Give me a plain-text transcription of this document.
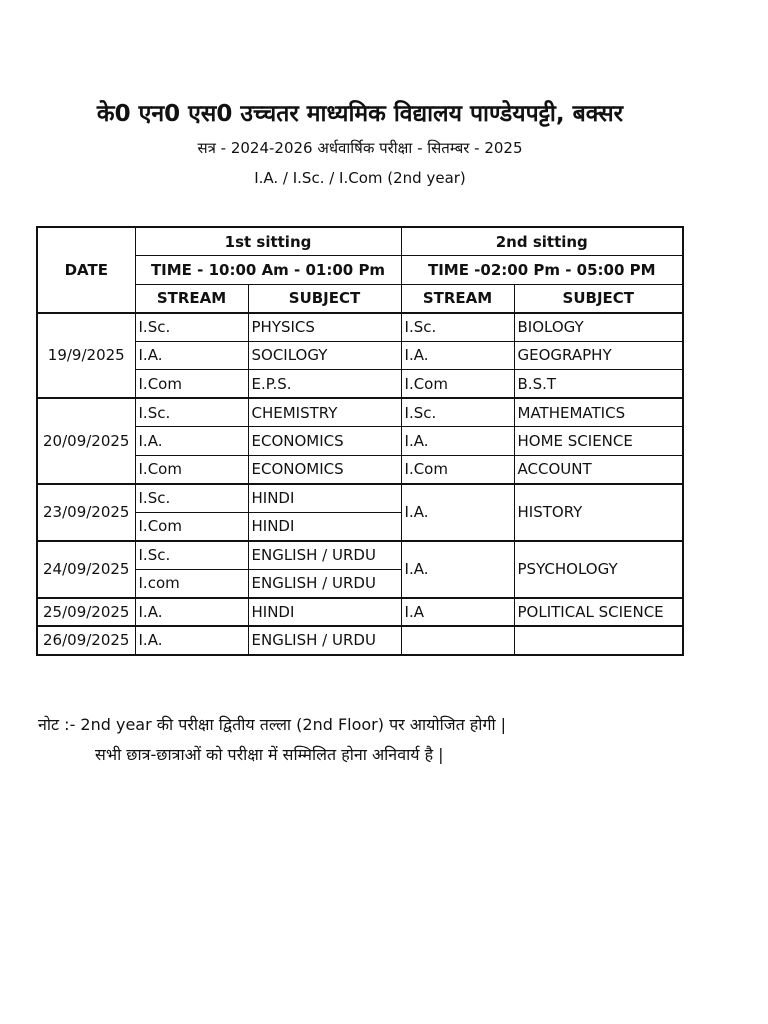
के0 एन0 एस0 उच्चतर माध्यमिक विद्यालय पाण्डेयपट्टी, बक्सर
सत्र - 2024-2026 अर्धवार्षिक परीक्षा - सितम्बर - 2025
I.A. / I.Sc. / I.Com (2nd year)
DATE	1st sitting		2nd sitting	
	TIME - 10:00 Am - 01:00 Pm		TIME -02:00 Pm - 05:00 PM	
	STREAM	SUBJECT	STREAM	SUBJECT
19/9/2025	I.Sc.	PHYSICS	I.Sc.	BIOLOGY
	I.A.	SOCILOGY	I.A.	GEOGRAPHY
	I.Com	E.P.S.	I.Com	B.S.T
20/09/2025	I.Sc.	CHEMISTRY	I.Sc.	MATHEMATICS
	I.A.	ECONOMICS	I.A.	HOME SCIENCE
	I.Com	ECONOMICS	I.Com	ACCOUNT
23/09/2025	I.Sc.	HINDI	I.A.	HISTORY
	I.Com	HINDI		
24/09/2025	I.Sc.	ENGLISH / URDU	I.A.	PSYCHOLOGY
	I.com	ENGLISH / URDU		
25/09/2025	I.A.	HINDI	I.A	POLITICAL SCIENCE
26/09/2025	I.A.	ENGLISH / URDU		
नोट :- 2nd year की परीक्षा द्वितीय तल्ला (2nd Floor) पर आयोजित होगी |
सभी छात्र-छात्राओं को परीक्षा में सम्मिलित होना अनिवार्य है |
